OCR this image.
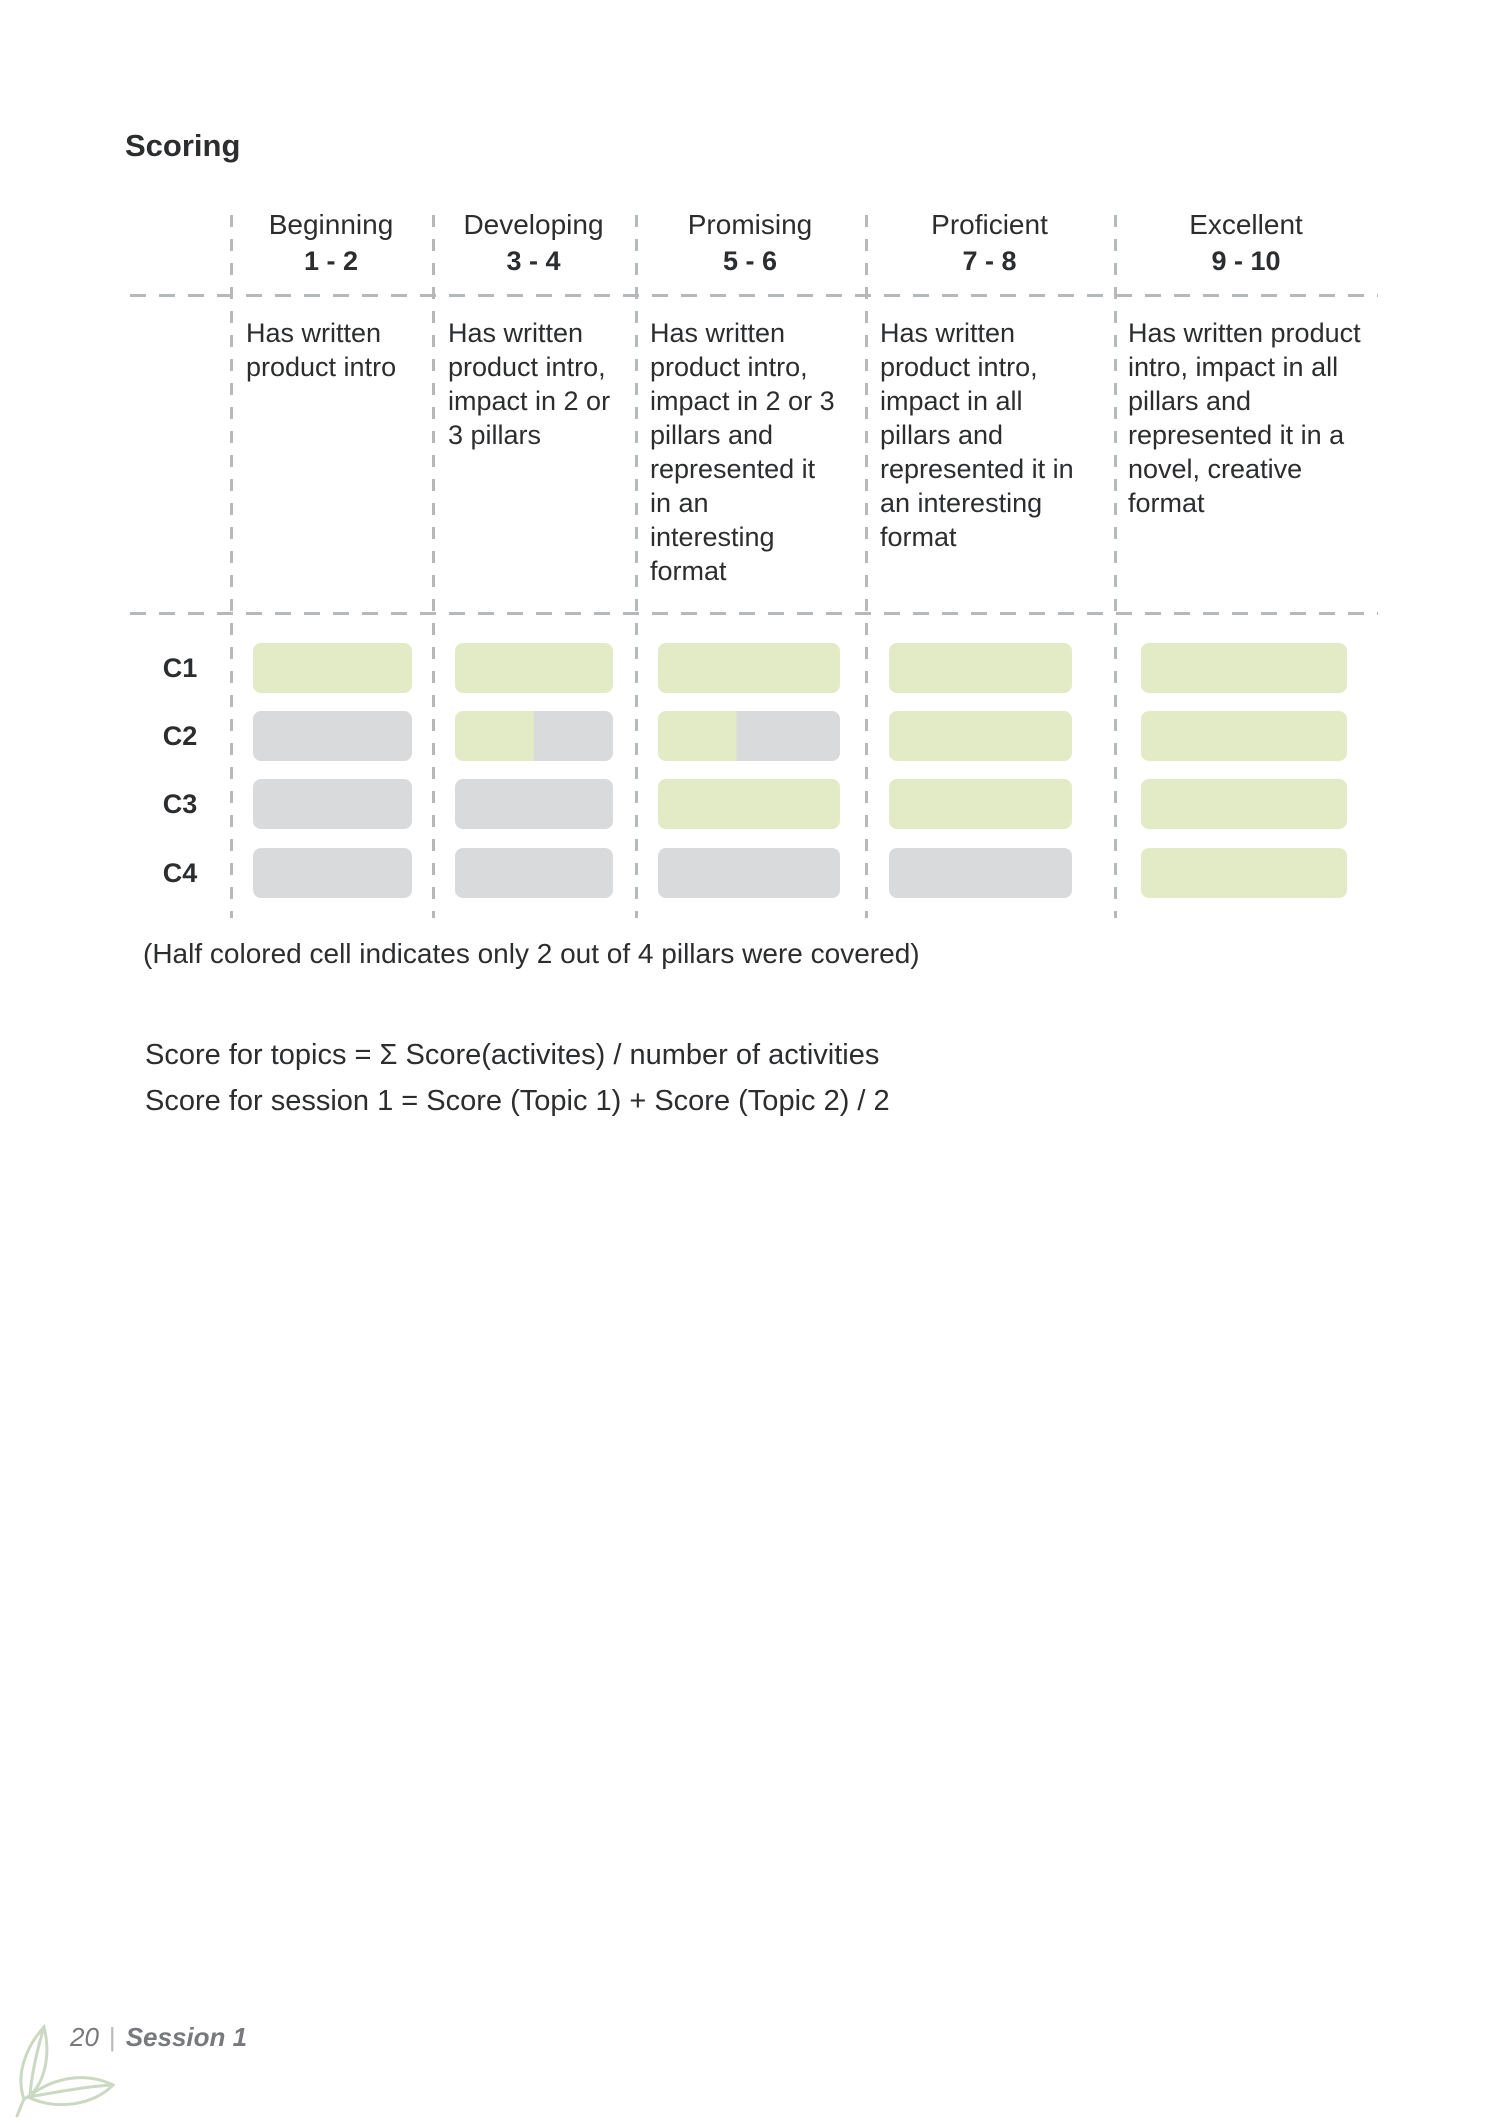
Scoring
Beginning
1 - 2
Developing
3 - 4
Promising
5 - 6
Proficient
7 - 8
Excellent
9 - 10
Has written product intro
Has written product intro, impact in 2 or 3 pillars
Has written product intro, impact in 2 or 3 pillars and represented it in an interesting format
Has written product intro, impact in all pillars and represented it in an interesting format
Has written product intro, impact in all pillars and represented it in a novel, creative format
C1
C2
C3
C4

(Half colored cell indicates only 2 out of 4 pillars were covered)

Score for topics = Σ Score(activites) / number of activities

Score for session 1 = Score (Topic 1) + Score (Topic 2) / 2

20 | Session 1
